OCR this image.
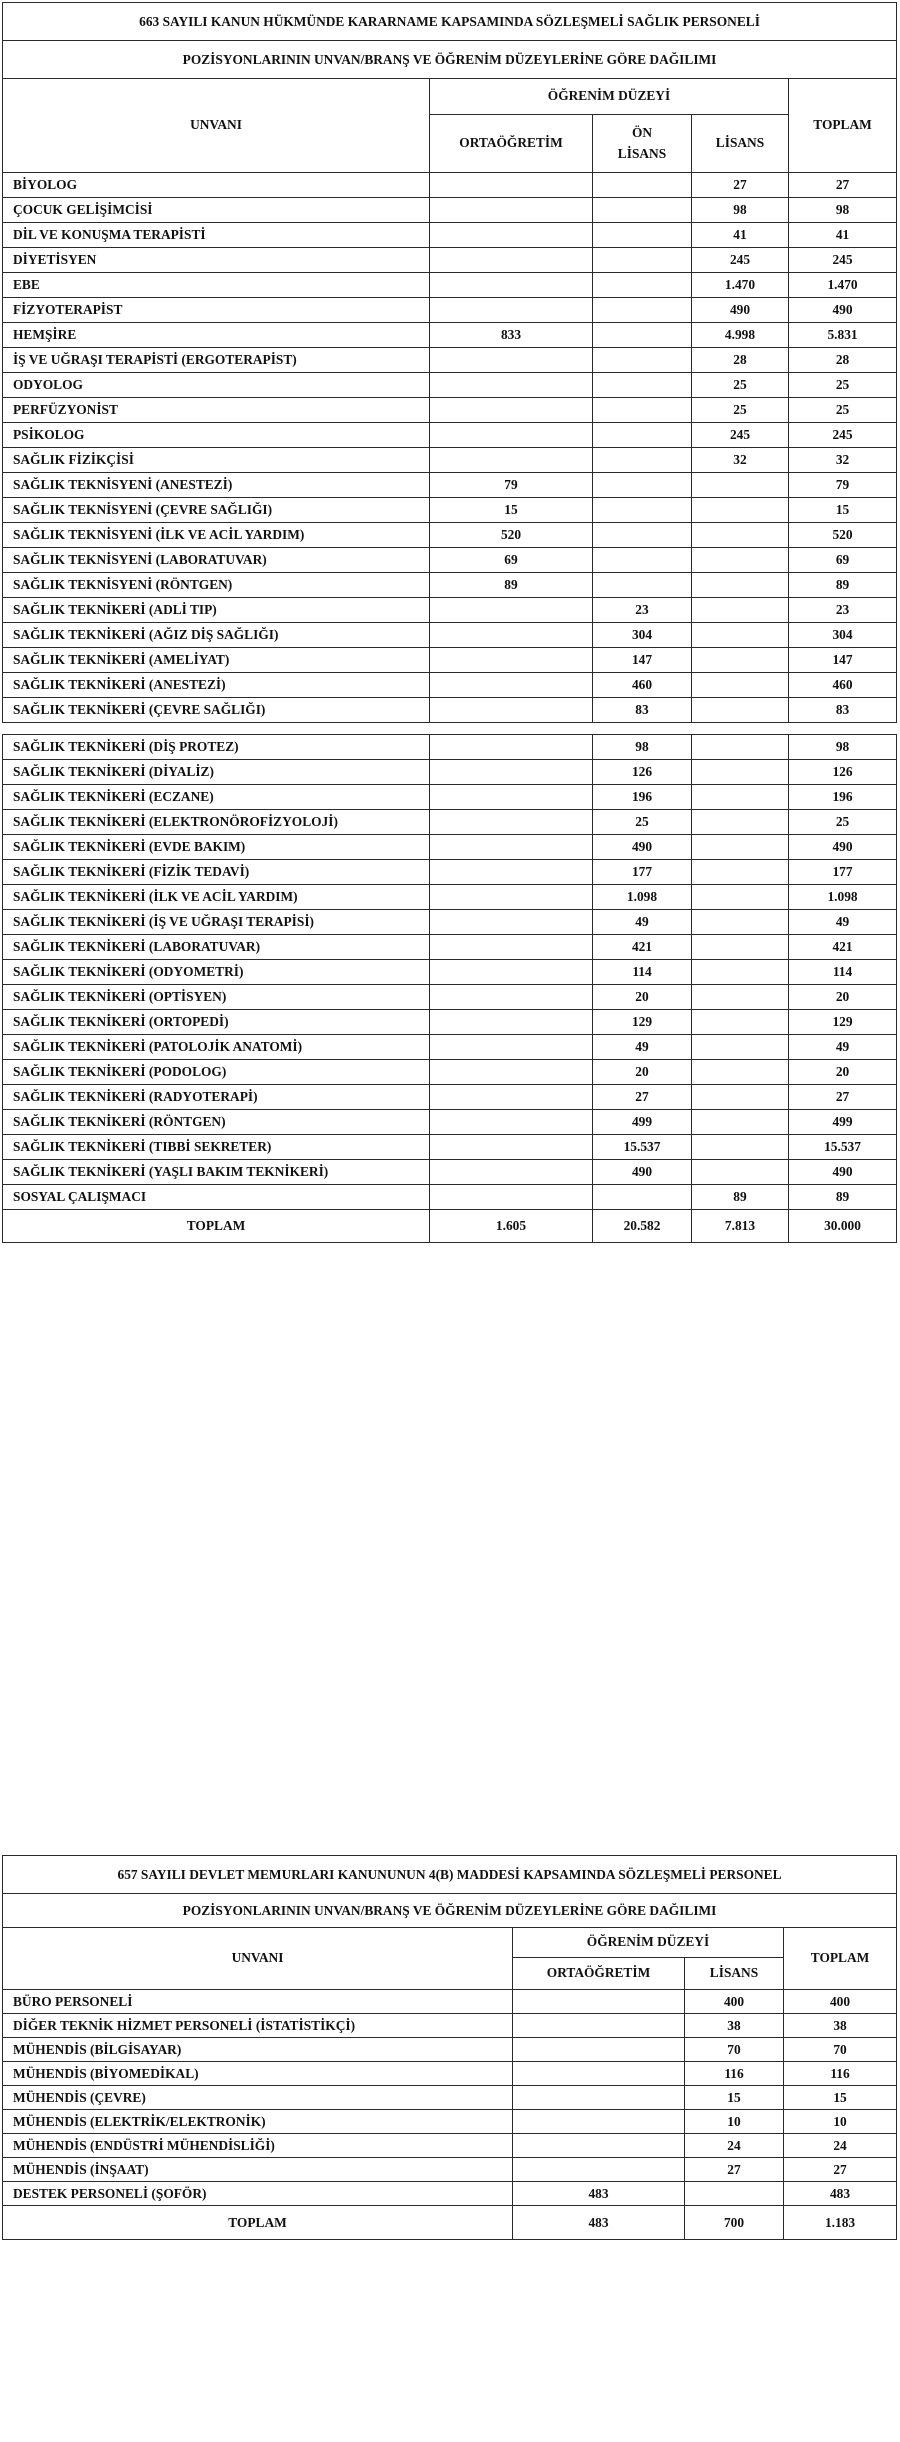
663 SAYILI KANUN HÜKMÜNDE KARARNAME KAPSAMINDA SÖZLEŞMELİ SAĞLIK PERSONELİ				
POZİSYONLARININ UNVAN/BRANŞ VE ÖĞRENİM DÜZEYLERİNE GÖRE DAĞILIMI				
UNVANI	ÖĞRENİM DÜZEYİ			TOPLAM
	ORTAÖĞRETİM	ÖN
LİSANS	LİSANS	
BİYOLOG			27	27
ÇOCUK GELİŞİMCİSİ			98	98
DİL VE KONUŞMA TERAPİSTİ			41	41
DİYETİSYEN			245	245
EBE			1.470	1.470
FİZYOTERAPİST			490	490
HEMŞİRE	833		4.998	5.831
İŞ VE UĞRAŞI TERAPİSTİ (ERGOTERAPİST)			28	28
ODYOLOG			25	25
PERFÜZYONİST			25	25
PSİKOLOG			245	245
SAĞLIK FİZİKÇİSİ			32	32
SAĞLIK TEKNİSYENİ (ANESTEZİ)	79			79
SAĞLIK TEKNİSYENİ (ÇEVRE SAĞLIĞI)	15			15
SAĞLIK TEKNİSYENİ (İLK VE ACİL YARDIM)	520			520
SAĞLIK TEKNİSYENİ (LABORATUVAR)	69			69
SAĞLIK TEKNİSYENİ (RÖNTGEN)	89			89
SAĞLIK TEKNİKERİ (ADLİ TIP)		23		23
SAĞLIK TEKNİKERİ (AĞIZ DİŞ SAĞLIĞI)		304		304
SAĞLIK TEKNİKERİ (AMELİYAT)		147		147
SAĞLIK TEKNİKERİ (ANESTEZİ)		460		460
SAĞLIK TEKNİKERİ (ÇEVRE SAĞLIĞI)		83		83

SAĞLIK TEKNİKERİ (DİŞ PROTEZ)		98		98
SAĞLIK TEKNİKERİ (DİYALİZ)		126		126
SAĞLIK TEKNİKERİ (ECZANE)		196		196
SAĞLIK TEKNİKERİ (ELEKTRONÖROFİZYOLOJİ)		25		25
SAĞLIK TEKNİKERİ (EVDE BAKIM)		490		490
SAĞLIK TEKNİKERİ (FİZİK TEDAVİ)		177		177
SAĞLIK TEKNİKERİ (İLK VE ACİL YARDIM)		1.098		1.098
SAĞLIK TEKNİKERİ (İŞ VE UĞRAŞI TERAPİSİ)		49		49
SAĞLIK TEKNİKERİ (LABORATUVAR)		421		421
SAĞLIK TEKNİKERİ (ODYOMETRİ)		114		114
SAĞLIK TEKNİKERİ (OPTİSYEN)		20		20
SAĞLIK TEKNİKERİ (ORTOPEDİ)		129		129
SAĞLIK TEKNİKERİ (PATOLOJİK ANATOMİ)		49		49
SAĞLIK TEKNİKERİ (PODOLOG)		20		20
SAĞLIK TEKNİKERİ (RADYOTERAPİ)		27		27
SAĞLIK TEKNİKERİ (RÖNTGEN)		499		499
SAĞLIK TEKNİKERİ (TIBBİ SEKRETER)		15.537		15.537
SAĞLIK TEKNİKERİ (YAŞLI BAKIM TEKNİKERİ)		490		490
SOSYAL ÇALIŞMACI			89	89
TOPLAM	1.605	20.582	7.813	30.000
657 SAYILI DEVLET MEMURLARI KANUNUNUN 4(B) MADDESİ KAPSAMINDA SÖZLEŞMELİ PERSONEL			
POZİSYONLARININ UNVAN/BRANŞ VE ÖĞRENİM DÜZEYLERİNE GÖRE DAĞILIMI			
UNVANI	ÖĞRENİM DÜZEYİ		TOPLAM
	ORTAÖĞRETİM	LİSANS	
BÜRO PERSONELİ		400	400
DİĞER TEKNİK HİZMET PERSONELİ (İSTATİSTİKÇİ)		38	38
MÜHENDİS (BİLGİSAYAR)		70	70
MÜHENDİS (BİYOMEDİKAL)		116	116
MÜHENDİS (ÇEVRE)		15	15
MÜHENDİS (ELEKTRİK/ELEKTRONİK)		10	10
MÜHENDİS (ENDÜSTRİ MÜHENDİSLİĞİ)		24	24
MÜHENDİS (İNŞAAT)		27	27
DESTEK PERSONELİ (ŞOFÖR)	483		483
TOPLAM	483	700	1.183
